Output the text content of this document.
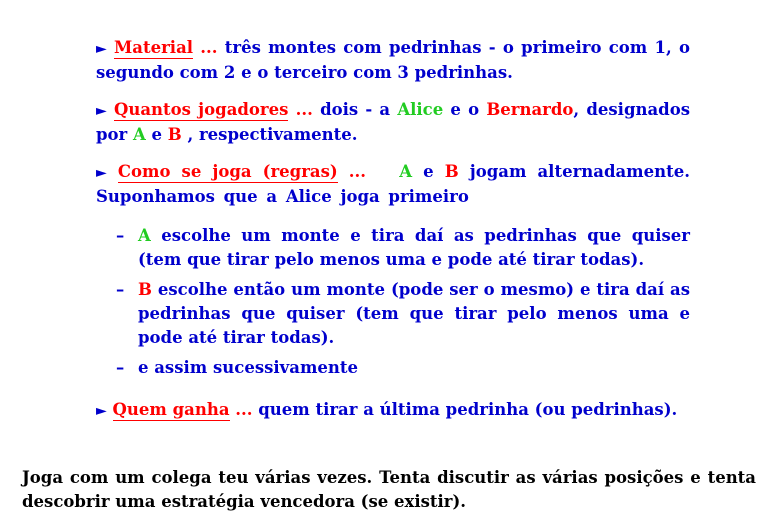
► Material ... três montes com pedrinhas - o primeiro com 1, o segundo com 2 e o terceiro com 3 pedrinhas.
► Quantos jogadores ... dois - a Alice e o Bernardo, designados por A e B , respectivamente.
► Como se joga (regras) ... A e B jogam alternadamente. Suponhamos que a Alice joga primeiro
– A escolhe um monte e tira daí as pedrinhas que quiser (tem que tirar pelo menos uma e pode até tirar todas).
– B escolhe então um monte (pode ser o mesmo) e tira daí as pedrinhas que quiser (tem que tirar pelo menos uma e pode até tirar todas).
– e assim sucessivamente
► Quem ganha ... quem tirar a última pedrinha (ou pedrinhas).
Joga com um colega teu várias vezes. Tenta discutir as várias posições e tenta descobrir uma estratégia vencedora (se existir).
